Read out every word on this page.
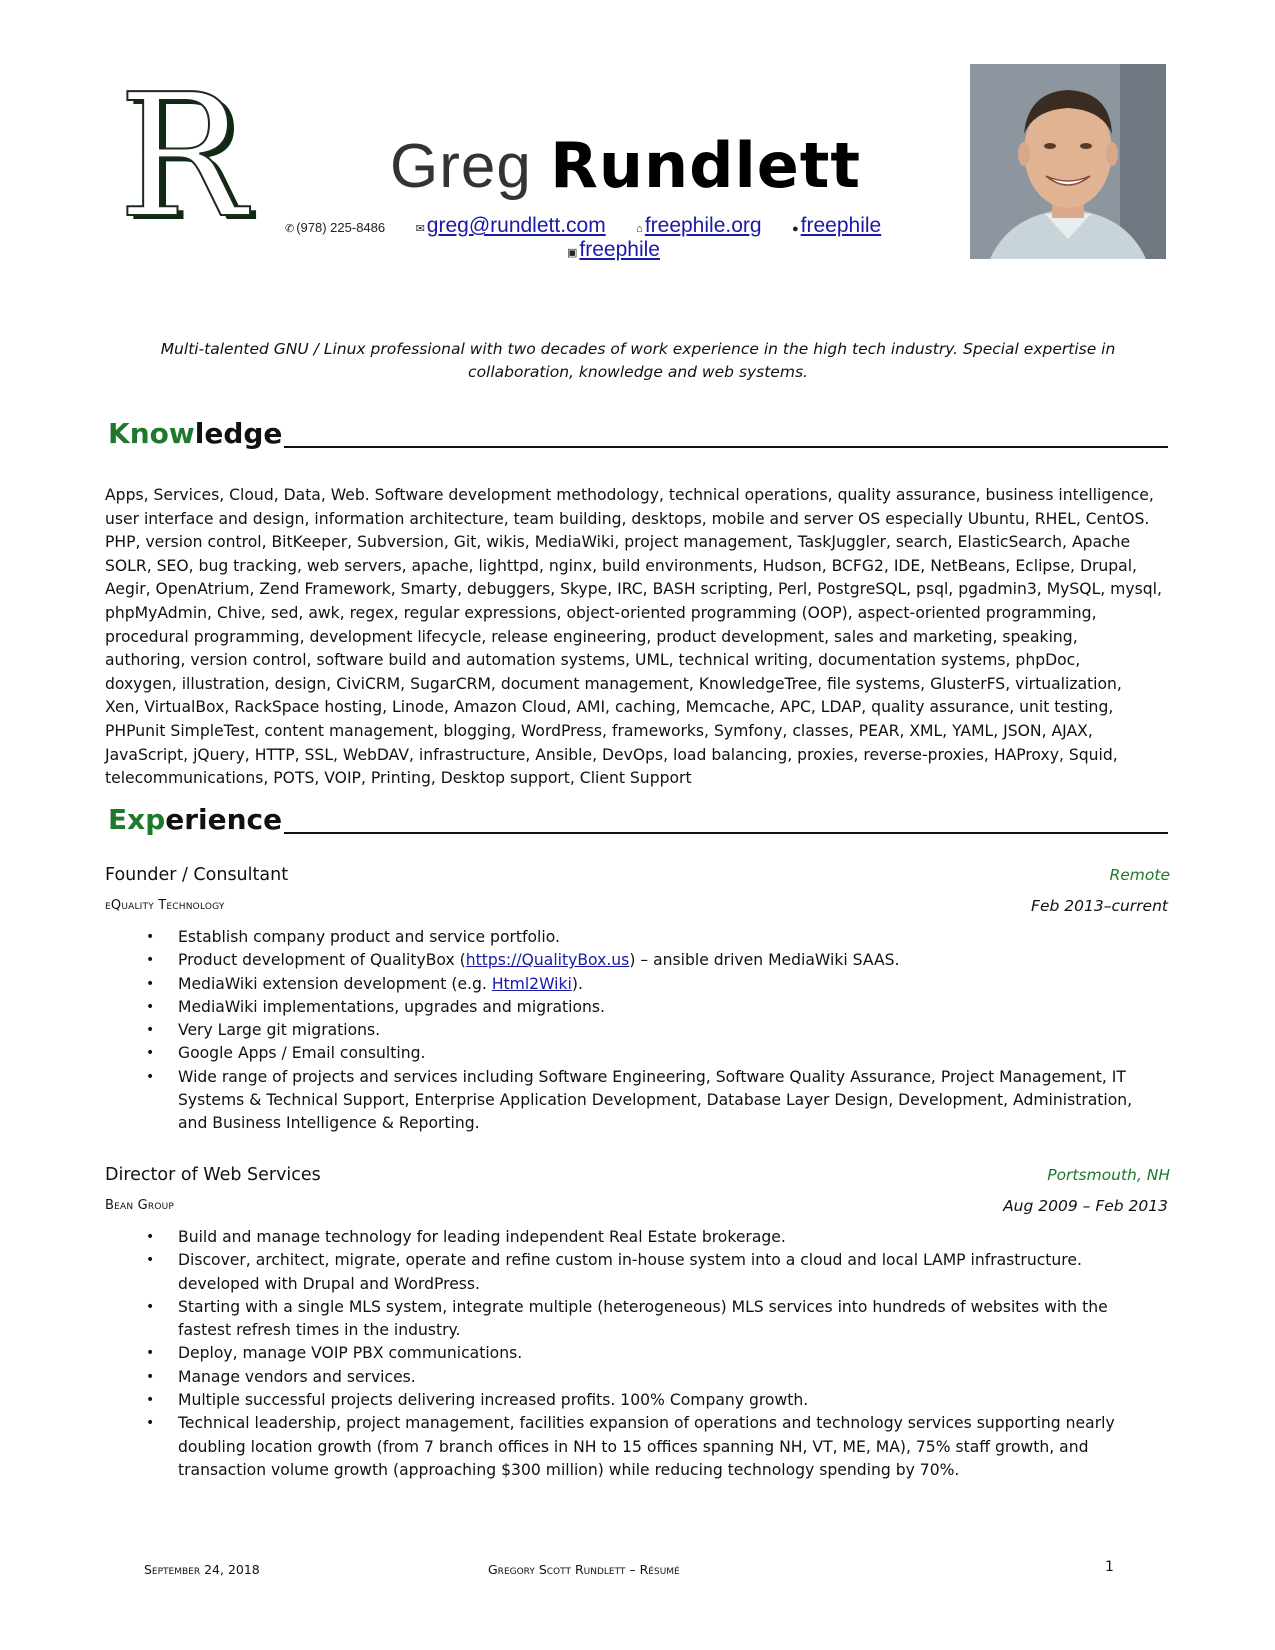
R Greg Rundlett
✆ (978) 225-8486	✉greg@rundlett.com	⌂freephile.org	●freephile
▣freephile
Multi-talented GNU / Linux professional with two decades of work experience in the high tech industry. Special expertise in collaboration, knowledge and web systems.
Knowledge
Apps, Services, Cloud, Data, Web. Software development methodology, technical operations, quality assurance, business intelligence,
user interface and design, information architecture, team building, desktops, mobile and server OS especially Ubuntu, RHEL, CentOS.
PHP, version control, BitKeeper, Subversion, Git, wikis, MediaWiki, project management, TaskJuggler, search, ElasticSearch, Apache
SOLR, SEO, bug tracking, web servers, apache, lighttpd, nginx, build environments, Hudson, BCFG2, IDE, NetBeans, Eclipse, Drupal,
Aegir, OpenAtrium, Zend Framework, Smarty, debuggers, Skype, IRC, BASH scripting, Perl, PostgreSQL, psql, pgadmin3, MySQL, mysql,
phpMyAdmin, Chive, sed, awk, regex, regular expressions, object-oriented programming (OOP), aspect-oriented programming,
procedural programming, development lifecycle, release engineering, product development, sales and marketing, speaking,
authoring, version control, software build and automation systems, UML, technical writing, documentation systems, phpDoc,
doxygen, illustration, design, CiviCRM, SugarCRM, document management, KnowledgeTree, file systems, GlusterFS, virtualization,
Xen, VirtualBox, RackSpace hosting, Linode, Amazon Cloud, AMI, caching, Memcache, APC, LDAP, quality assurance, unit testing,
PHPunit SimpleTest, content management, blogging, WordPress, frameworks, Symfony, classes, PEAR, XML, YAML, JSON, AJAX,
JavaScript, jQuery, HTTP, SSL, WebDAV, infrastructure, Ansible, DevOps, load balancing, proxies, reverse-proxies, HAProxy, Squid,
telecommunications, POTS, VOIP, Printing, Desktop support, Client Support
Experience
Founder / Consultant	Remote
eQuality Technology	Feb 2013–current
• Establish company product and service portfolio.
• Product development of QualityBox (https://QualityBox.us) – ansible driven MediaWiki SAAS.
• MediaWiki extension development (e.g. Html2Wiki).
• MediaWiki implementations, upgrades and migrations.
• Very Large git migrations.
• Google Apps / Email consulting.
• Wide range of projects and services including Software Engineering, Software Quality Assurance, Project Management, IT Systems & Technical Support, Enterprise Application Development, Database Layer Design, Development, Administration, and Business Intelligence & Reporting.
Director of Web Services	Portsmouth, NH
Bean Group	Aug 2009 – Feb 2013
• Build and manage technology for leading independent Real Estate brokerage.
• Discover, architect, migrate, operate and refine custom in-house system into a cloud and local LAMP infrastructure. developed with Drupal and WordPress.
• Starting with a single MLS system, integrate multiple (heterogeneous) MLS services into hundreds of websites with the fastest refresh times in the industry.
• Deploy, manage VOIP PBX communications.
• Manage vendors and services.
• Multiple successful projects delivering increased profits. 100% Company growth.
• Technical leadership, project management, facilities expansion of operations and technology services supporting nearly doubling location growth (from 7 branch offices in NH to 15 offices spanning NH, VT, ME, MA), 75% staff growth, and transaction volume growth (approaching $300 million) while reducing technology spending by 70%.
September 24, 2018	Gregory Scott Rundlett – Résumé	1
